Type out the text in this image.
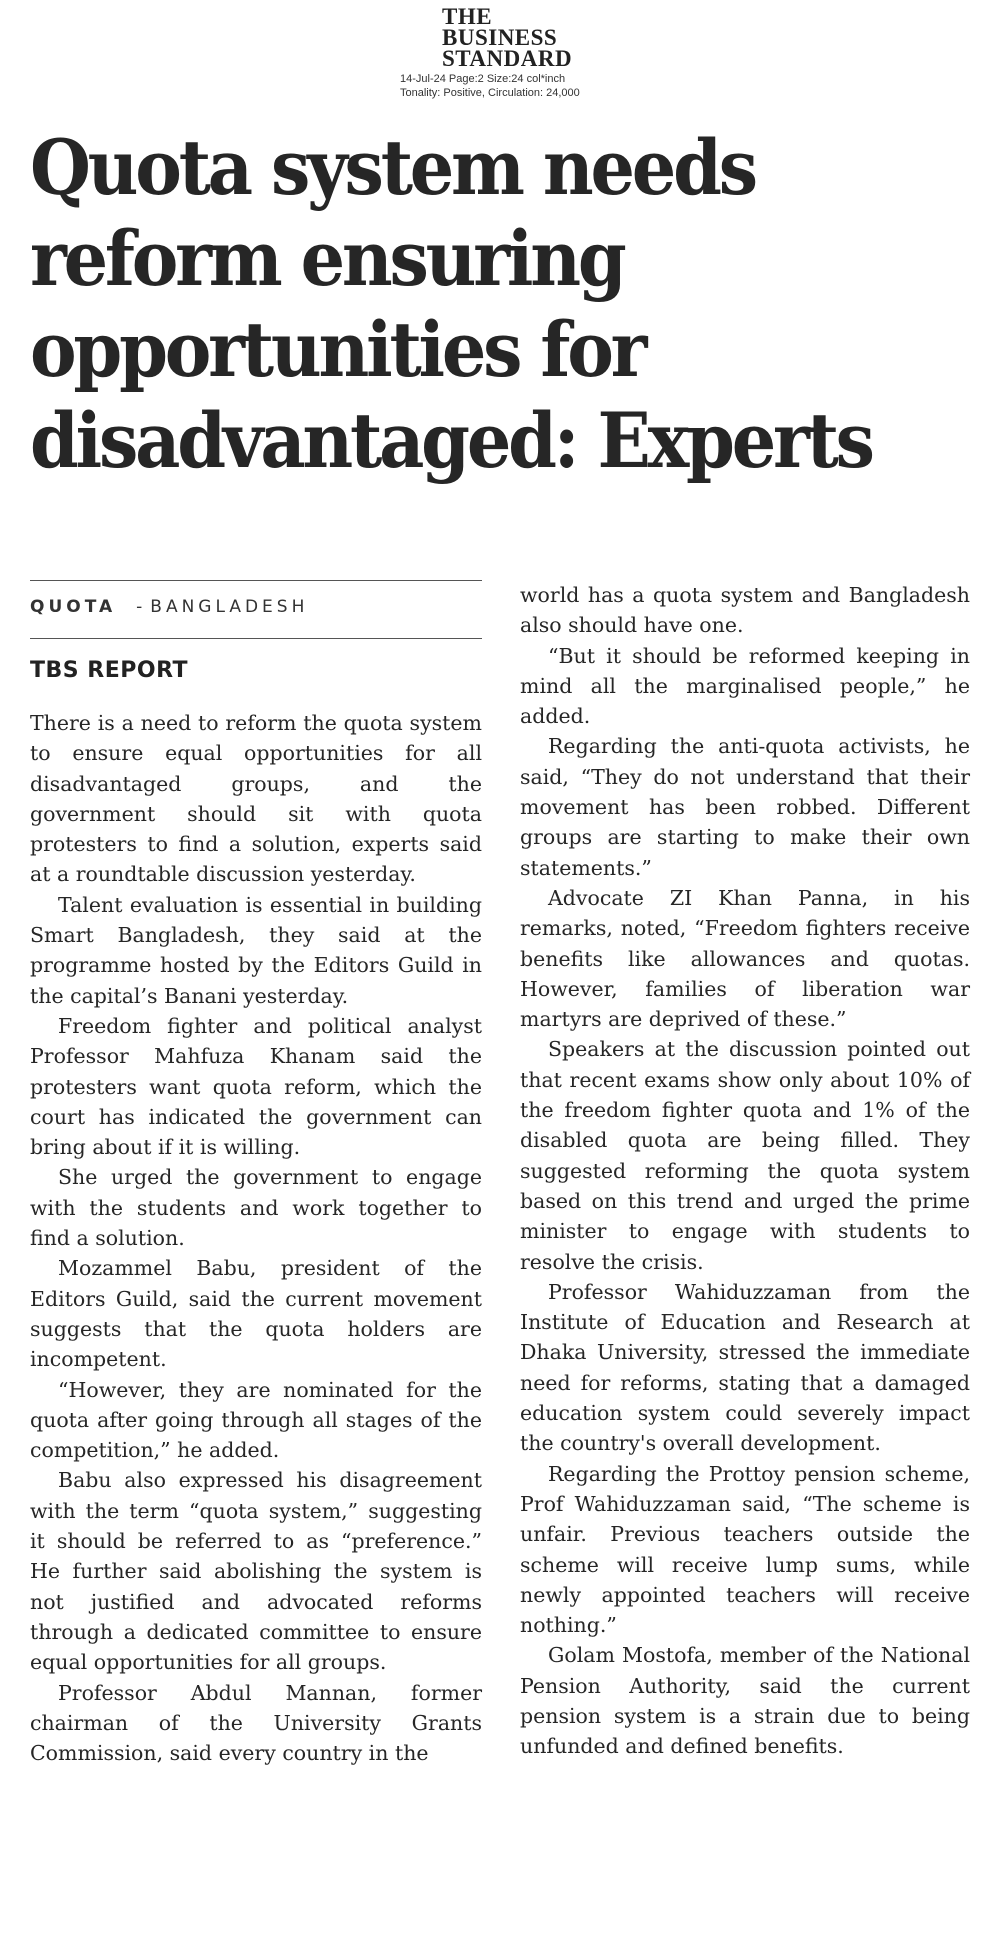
THE
BUSINESS
STANDARD
14-Jul-24 Page:2 Size:24 col*inch
Tonality: Positive, Circulation: 24,000
Quota system needs
reform ensuring
opportunities for
disadvantaged: Experts
QUOTA - BANGLADESH
TBS REPORT

There is a need to reform the quota system to ensure equal opportunities for all disadvantaged groups, and the government should sit with quota protesters to find a solution, experts said at a roundtable discussion yesterday.

Talent evaluation is essential in building Smart Bangladesh, they said at the programme hosted by the Editors Guild in the capital’s Banani yesterday.

Freedom fighter and political analyst Professor Mahfuza Khanam said the protesters want quota reform, which the court has indicated the government can bring about if it is willing.

She urged the government to engage with the students and work together to find a solution.

Mozammel Babu, president of the Editors Guild, said the current movement suggests that the quota holders are incompetent.

“However, they are nominated for the quota after going through all stages of the competition,” he added.

Babu also expressed his disagreement with the term “quota system,” suggesting it should be referred to as “preference.” He further said abolishing the system is not justified and advocated reforms through a dedicated committee to ensure equal opportunities for all groups.

Professor Abdul Mannan, former chairman of the University Grants Commission, said every country in the

world has a quota system and Bangladesh also should have one.

“But it should be reformed keeping in mind all the marginalised people,” he added.

Regarding the anti-quota activists, he said, “They do not understand that their movement has been robbed. Different groups are starting to make their own statements.”

Advocate ZI Khan Panna, in his remarks, noted, “Freedom fighters receive benefits like allowances and quotas. However, families of liberation war martyrs are deprived of these.”

Speakers at the discussion pointed out that recent exams show only about 10% of the freedom fighter quota and 1% of the disabled quota are being filled. They suggested reforming the quota system based on this trend and urged the prime minister to engage with students to resolve the crisis.

Professor Wahiduzzaman from the Institute of Education and Research at Dhaka University, stressed the immediate need for reforms, stating that a damaged education system could severely impact the country's overall development.

Regarding the Prottoy pension scheme, Prof Wahiduzzaman said, “The scheme is unfair. Previous teachers outside the scheme will receive lump sums, while newly appointed teachers will receive nothing.”

Golam Mostofa, member of the National Pension Authority, said the current pension system is a strain due to being unfunded and defined benefits.
